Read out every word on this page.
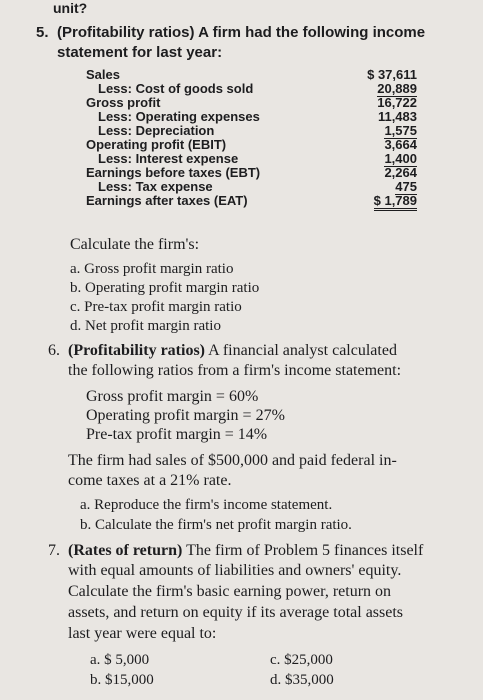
unit?
5. (Profitability ratios) A firm had the following income
statement for last year:
Sales
Less: Cost of goods sold
Gross profit
Less: Operating expenses
Less: Depreciation
Operating profit (EBIT)
Less: Interest expense
Earnings before taxes (EBT)
Less: Tax expense
Earnings after taxes (EAT)
$ 37,611
20,889
16,722
11,483
1,575
3,664
1,400
2,264
475
$ 1,789
Calculate the firm's:
a. Gross profit margin ratio
b. Operating profit margin ratio
c. Pre-tax profit margin ratio
d. Net profit margin ratio
6. (Profitability ratios) A financial analyst calculated
the following ratios from a firm's income statement:
Gross profit margin = 60%
Operating profit margin = 27%
Pre-tax profit margin = 14%
The firm had sales of $500,000 and paid federal in-
come taxes at a 21% rate.
a. Reproduce the firm's income statement.
b. Calculate the firm's net profit margin ratio.
7. (Rates of return) The firm of Problem 5 finances itself
with equal amounts of liabilities and owners' equity.
Calculate the firm's basic earning power, return on
assets, and return on equity if its average total assets
last year were equal to:
a. $ 5,000
b. $15,000
c. $25,000
d. $35,000
